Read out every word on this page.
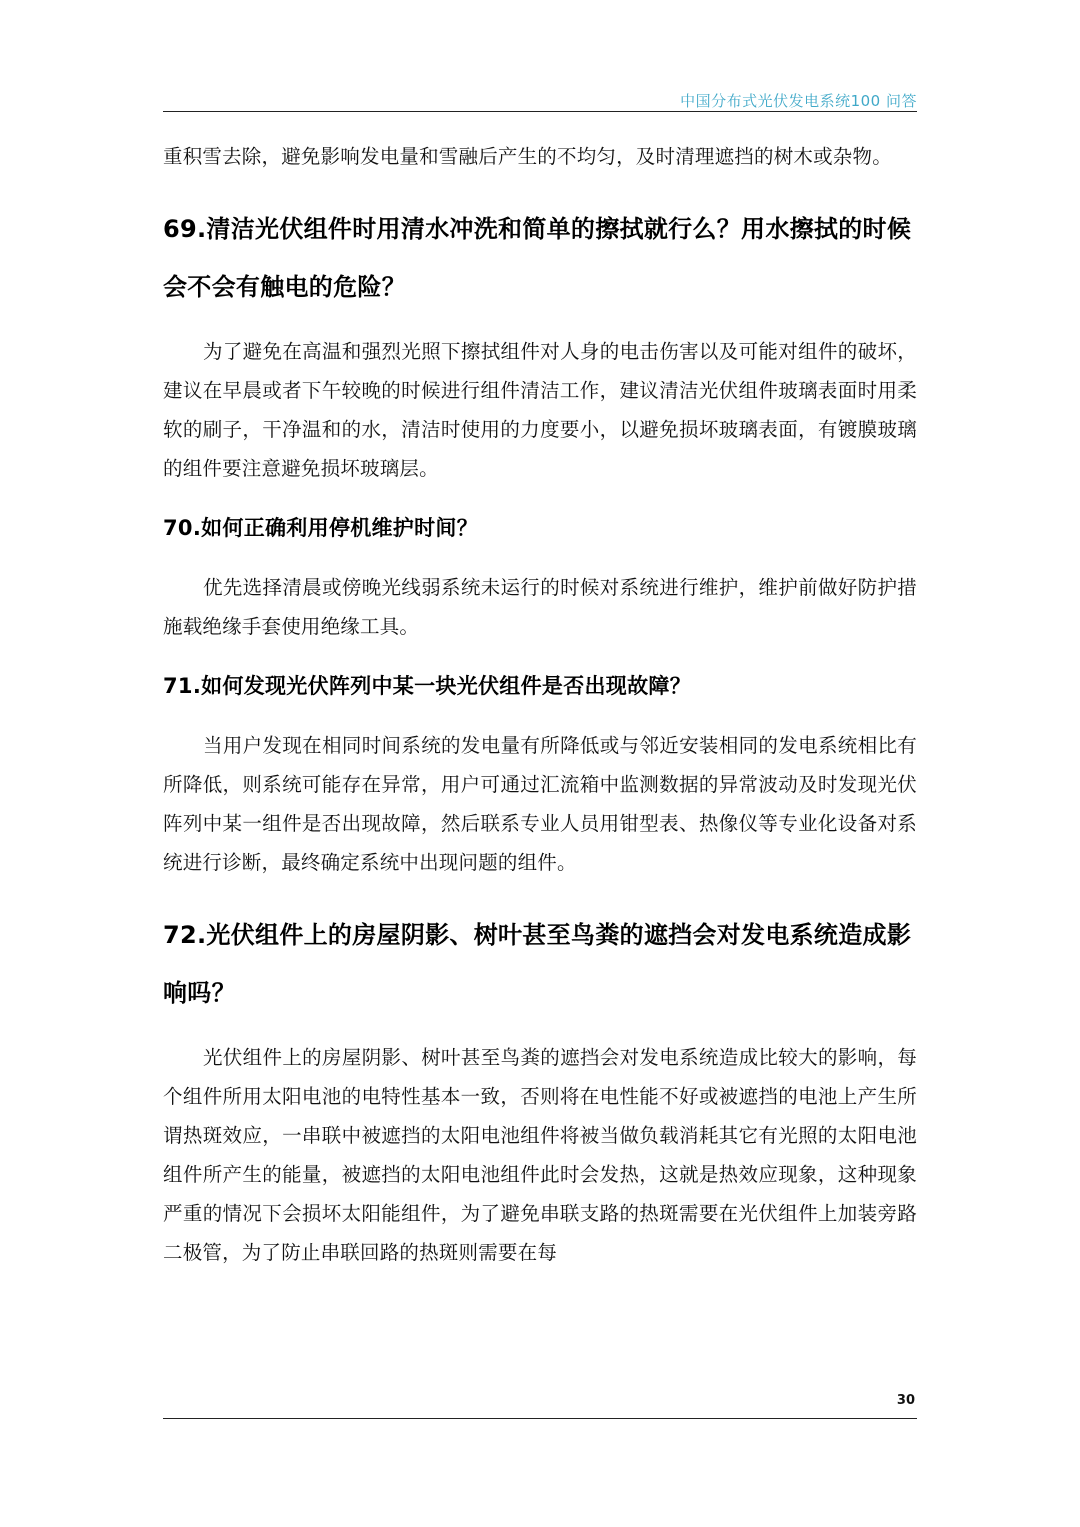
中国分布式光伏发电系统100 问答

重积雪去除，避免影响发电量和雪融后产生的不均匀，及时清理遮挡的树木或杂物。

69.清洁光伏组件时用清水冲洗和简单的擦拭就行么？用水擦拭的时候会不会有触电的危险？

为了避免在高温和强烈光照下擦拭组件对人身的电击伤害以及可能对组件的破坏，建议在早晨或者下午较晚的时候进行组件清洁工作，建议清洁光伏组件玻璃表面时用柔软的刷子，干净温和的水，清洁时使用的力度要小，以避免损坏玻璃表面，有镀膜玻璃的组件要注意避免损坏玻璃层。

70.如何正确利用停机维护时间？

优先选择清晨或傍晚光线弱系统未运行的时候对系统进行维护，维护前做好防护措施载绝缘手套使用绝缘工具。

71.如何发现光伏阵列中某一块光伏组件是否出现故障？

当用户发现在相同时间系统的发电量有所降低或与邻近安装相同的发电系统相比有所降低，则系统可能存在异常，用户可通过汇流箱中监测数据的异常波动及时发现光伏阵列中某一组件是否出现故障，然后联系专业人员用钳型表、热像仪等专业化设备对系统进行诊断，最终确定系统中出现问题的组件。

72.光伏组件上的房屋阴影、树叶甚至鸟粪的遮挡会对发电系统造成影响吗？

光伏组件上的房屋阴影、树叶甚至鸟粪的遮挡会对发电系统造成比较大的影响，每个组件所用太阳电池的电特性基本一致，否则将在电性能不好或被遮挡的电池上产生所谓热斑效应，一串联中被遮挡的太阳电池组件将被当做负载消耗其它有光照的太阳电池组件所产生的能量，被遮挡的太阳电池组件此时会发热，这就是热效应现象，这种现象严重的情况下会损坏太阳能组件，为了避免串联支路的热斑需要在光伏组件上加装旁路二极管，为了防止串联回路的热斑则需要在每

30
